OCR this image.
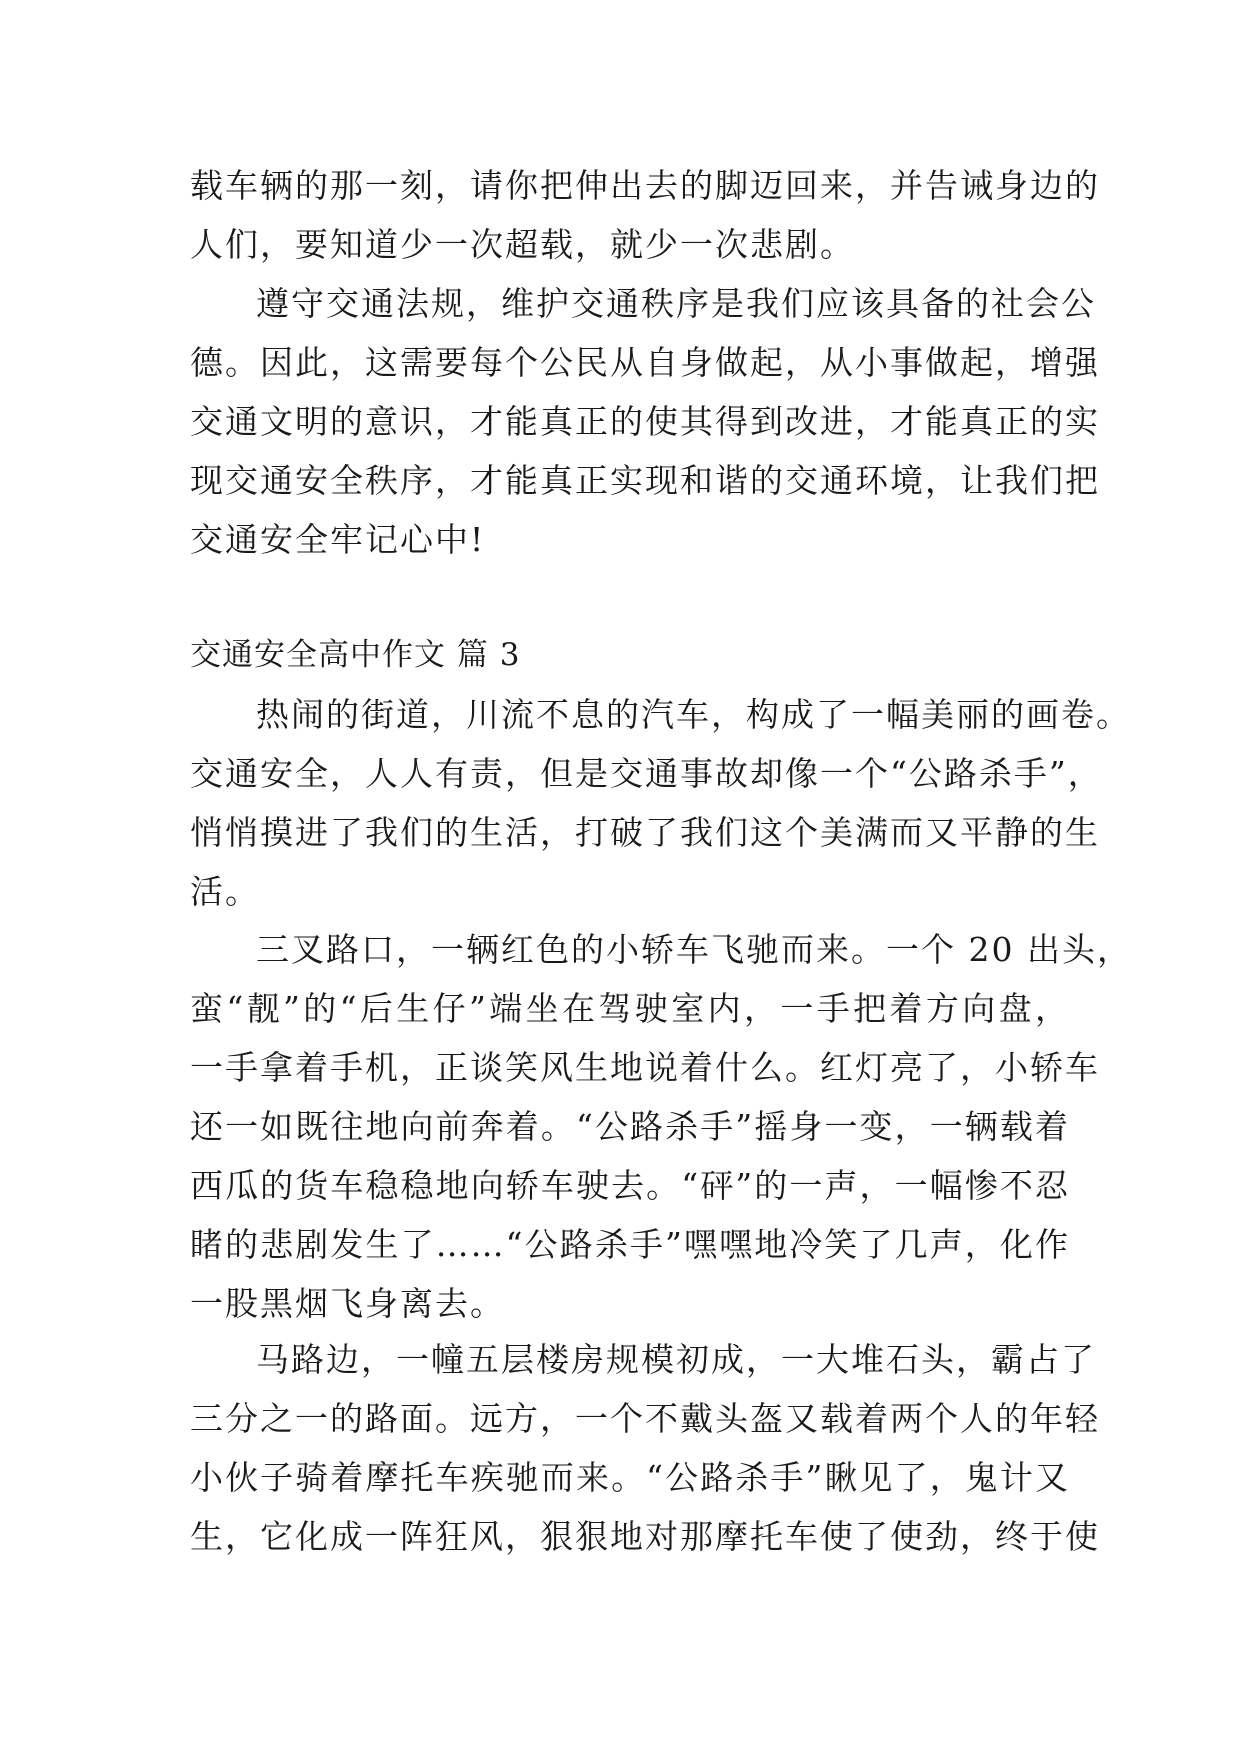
载车辆的那一刻，请你把伸出去的脚迈回来，并告诫身边的
人们，要知道少一次超载，就少一次悲剧。
遵守交通法规，维护交通秩序是我们应该具备的社会公
德。因此，这需要每个公民从自身做起，从小事做起，增强
交通文明的意识，才能真正的使其得到改进，才能真正的实
现交通安全秩序，才能真正实现和谐的交通环境，让我们把
交通安全牢记心中!
交通安全高中作文 篇 3
热闹的街道，川流不息的汽车，构成了一幅美丽的画卷。
交通安全，人人有责，但是交通事故却像一个“公路杀手”，
悄悄摸进了我们的生活，打破了我们这个美满而又平静的生
活。
三叉路口，一辆红色的小轿车飞驰而来。一个 20 出头，
蛮“靓”的“后生仔”端坐在驾驶室内，一手把着方向盘，
一手拿着手机，正谈笑风生地说着什么。红灯亮了，小轿车
还一如既往地向前奔着。“公路杀手”摇身一变，一辆载着
西瓜的货车稳稳地向轿车驶去。“砰”的一声，一幅惨不忍
睹的悲剧发生了……“公路杀手”嘿嘿地冷笑了几声，化作
一股黑烟飞身离去。
马路边，一幢五层楼房规模初成，一大堆石头，霸占了
三分之一的路面。远方，一个不戴头盔又载着两个人的年轻
小伙子骑着摩托车疾驰而来。“公路杀手”瞅见了，鬼计又
生，它化成一阵狂风，狠狠地对那摩托车使了使劲，终于使
